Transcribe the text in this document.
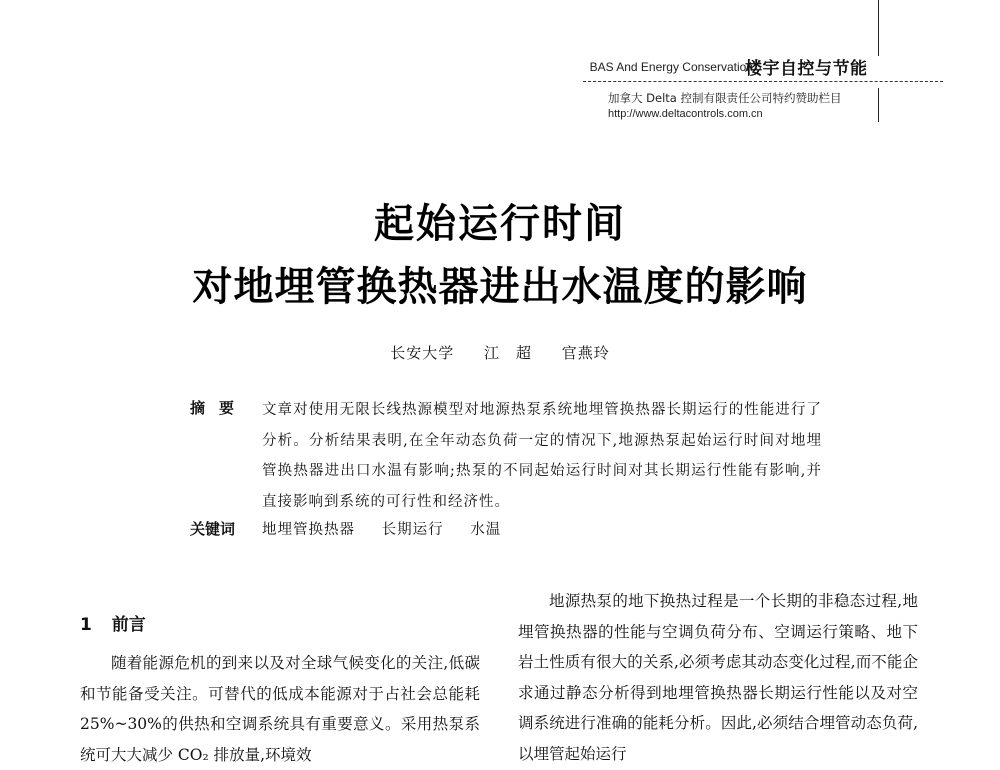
BAS And Energy Conservation
楼宇自控与节能
加拿大 Delta 控制有限责任公司特约赞助栏目
http://www.deltacontrols.com.cn
起始运行时间
对地埋管换热器进出水温度的影响
长安大学 江　超 官燕玲
摘要 文章对使用无限长线热源模型对地源热泵系统地埋管换热器长期运行的性能进行了分析。分析结果表明,在全年动态负荷一定的情况下,地源热泵起始运行时间对地埋管换热器进出口水温有影响;热泵的不同起始运行时间对其长期运行性能有影响,并直接影响到系统的可行性和经济性。
关键词 地埋管换热器 长期运行 水温
1 前言

随着能源危机的到来以及对全球气候变化的关注,低碳和节能备受关注。可替代的低成本能源对于占社会总能耗 25%~30%的供热和空调系统具有重要意义。采用热泵系统可大大减少 CO₂ 排放量,环境效

地源热泵的地下换热过程是一个长期的非稳态过程,地埋管换热器的性能与空调负荷分布、空调运行策略、地下岩土性质有很大的关系,必须考虑其动态变化过程,而不能企求通过静态分析得到地埋管换热器长期运行性能以及对空调系统进行准确的能耗分析。因此,必须结合埋管动态负荷,以埋管起始运行
